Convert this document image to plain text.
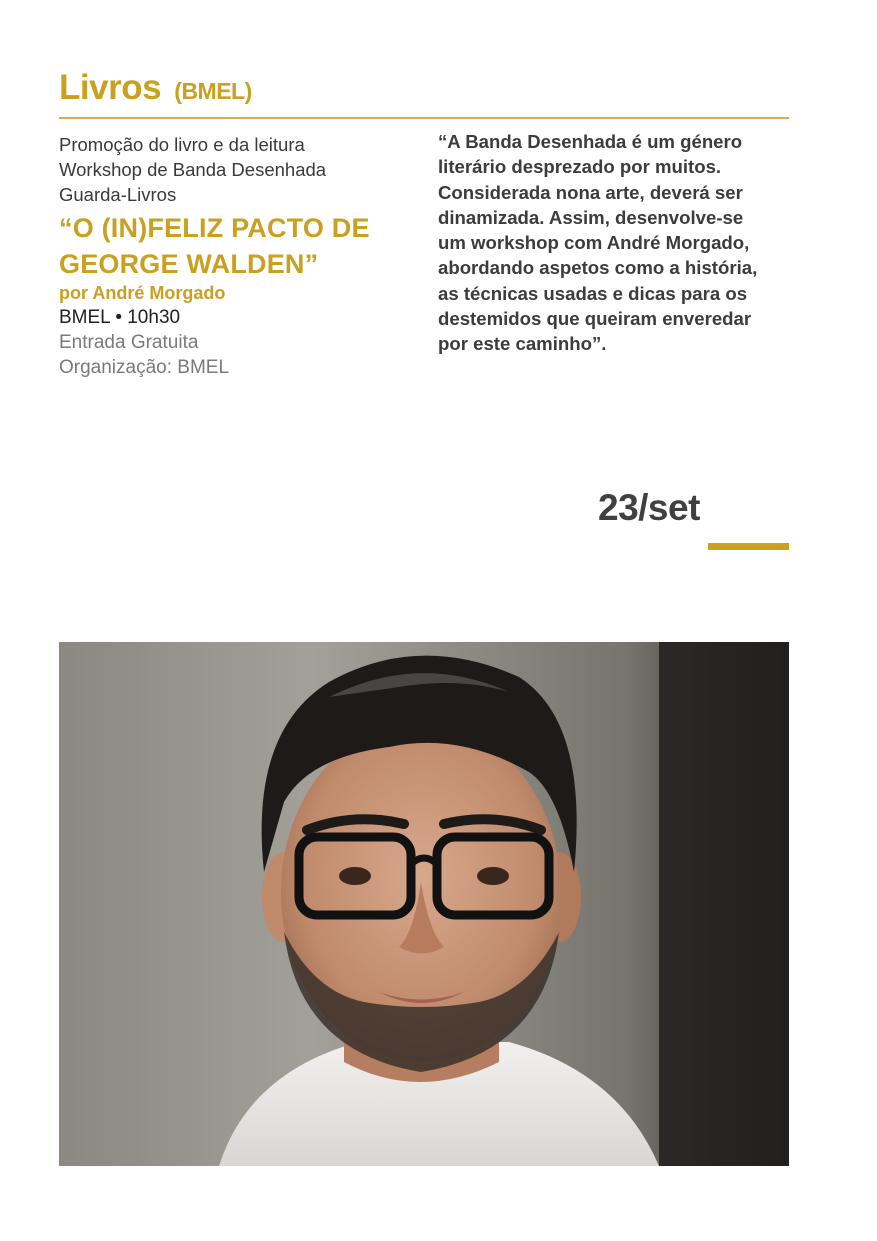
Livros (BMEL)
Promoção do livro e da leitura
Workshop de Banda Desenhada
Guarda-Livros
“O (IN)FELIZ PACTO DE
GEORGE WALDEN”
por André Morgado
BMEL • 10h30
Entrada Gratuita
Organização: BMEL
“A Banda Desenhada é um género
literário desprezado por muitos.
Considerada nona arte, deverá ser
dinamizada. Assim, desenvolve-se
um workshop com André Morgado,
abordando aspetos como a história,
as técnicas usadas e dicas para os
destemidos que queiram enveredar
por este caminho”.
23/set
